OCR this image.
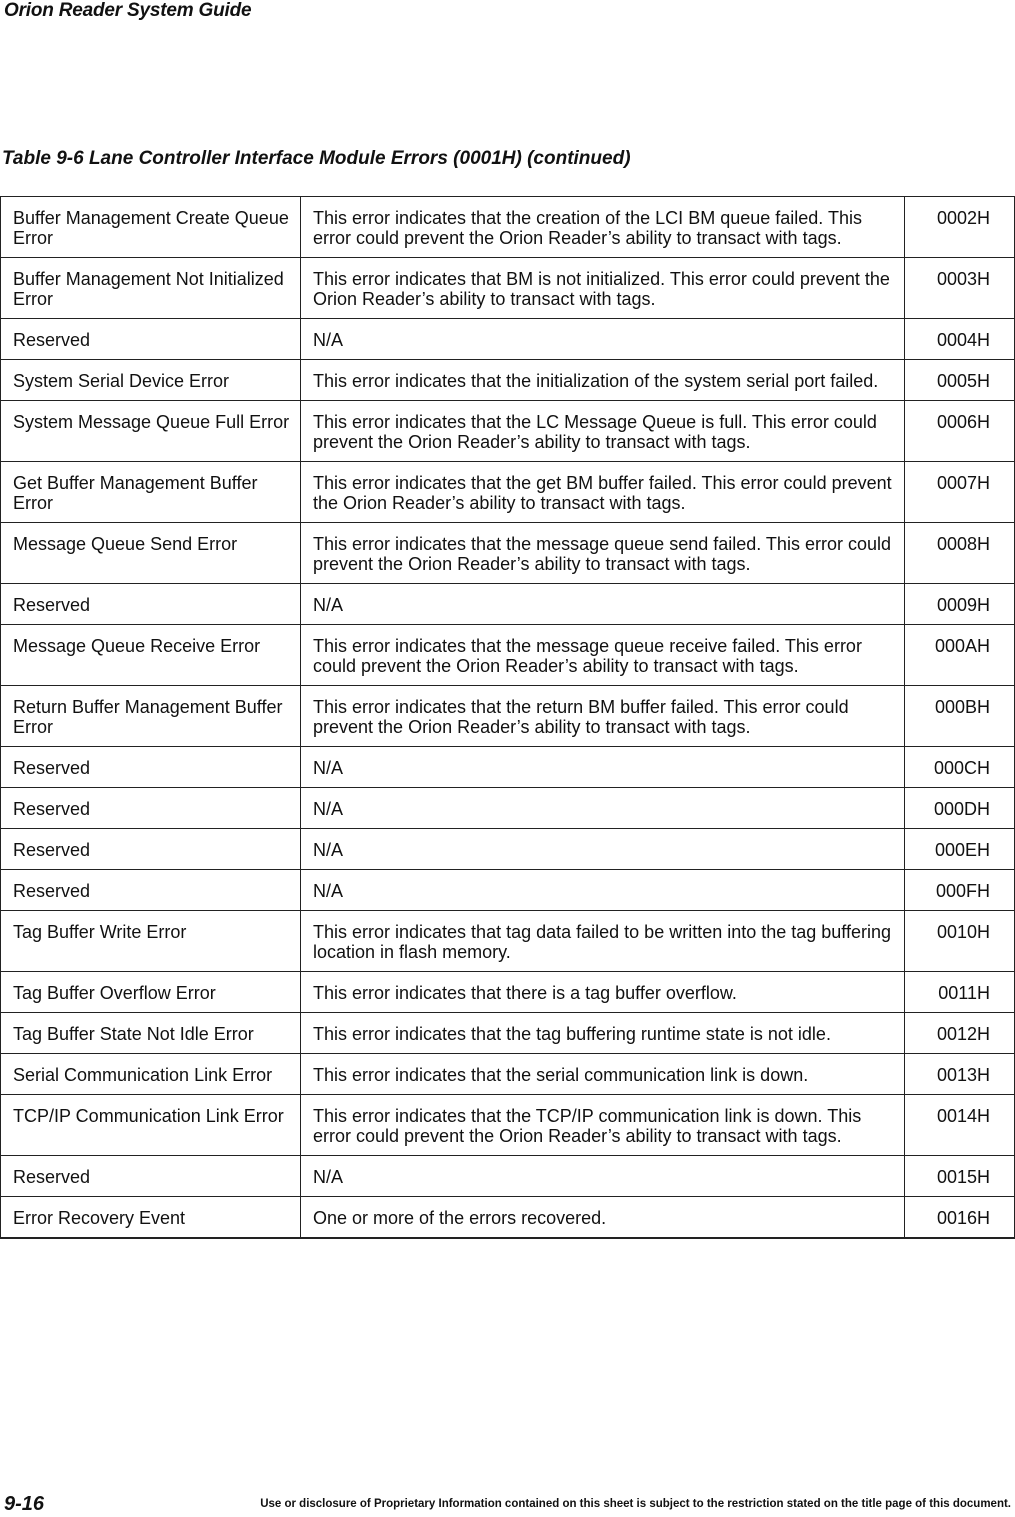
Orion Reader System Guide
Table 9-6 Lane Controller Interface Module Errors (0001H) (continued)
Buffer Management Create Queue Error	This error indicates that the creation of the LCI BM queue failed. This error could prevent the Orion Reader’s ability to transact with tags.	0002H
Buffer Management Not Initialized Error	This error indicates that BM is not initialized. This error could prevent the Orion Reader’s ability to transact with tags.	0003H
Reserved	N/A	0004H
System Serial Device Error	This error indicates that the initialization of the system serial port failed.	0005H
System Message Queue Full Error	This error indicates that the LC Message Queue is full. This error could prevent the Orion Reader’s ability to transact with tags.	0006H
Get Buffer Management Buffer Error	This error indicates that the get BM buffer failed. This error could prevent the Orion Reader’s ability to transact with tags.	0007H
Message Queue Send Error	This error indicates that the message queue send failed. This error could prevent the Orion Reader’s ability to transact with tags.	0008H
Reserved	N/A	0009H
Message Queue Receive Error	This error indicates that the message queue receive failed. This error could prevent the Orion Reader’s ability to transact with tags.	000AH
Return Buffer Management Buffer Error	This error indicates that the return BM buffer failed. This error could prevent the Orion Reader’s ability to transact with tags.	000BH
Reserved	N/A	000CH
Reserved	N/A	000DH
Reserved	N/A	000EH
Reserved	N/A	000FH
Tag Buffer Write Error	This error indicates that tag data failed to be written into the tag buffering location in flash memory.	0010H
Tag Buffer Overflow Error	This error indicates that there is a tag buffer overflow.	0011H
Tag Buffer State Not Idle Error	This error indicates that the tag buffering runtime state is not idle.	0012H
Serial Communication Link Error	This error indicates that the serial communication link is down.	0013H
TCP/IP Communication Link Error	This error indicates that the TCP/IP communication link is down. This error could prevent the Orion Reader’s ability to transact with tags.	0014H
Reserved	N/A	0015H
Error Recovery Event	One or more of the errors recovered.	0016H
9-16	Use or disclosure of Proprietary Information contained on this sheet is subject to the restriction stated on the title page of this document.
